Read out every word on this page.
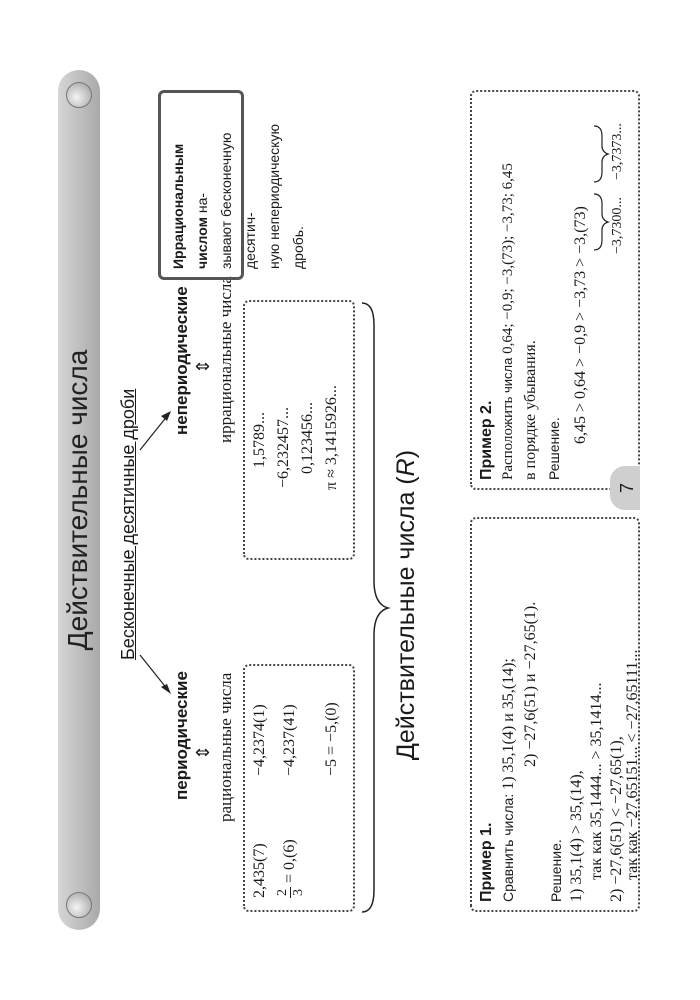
Действительные числа Бесконечные десятичные дроби
периодические ⇕ рациональные числа
непериодические ⇕ иррациональные числа
2,435(7)
−4,2374(1)
2 3
= 0,(6)
−4,237(41) −5 = −5,(0)
1,5789... −6,232457... 0,123456... π ≈ 3,1415926...
Действительные числа (R)
Иррациональным числом на- зывают бесконечную десятич- ную непериодическую дробь.
Пример 1. Сравнить числа: 1) 35,1(4) и 35,(14); 2) −27,6(51) и −27,65(1).
Решение. 1) 35,1(4) > 35,(14), так как 35,1444... > 35,1414... 2) −27,6(51) < −27,65(1), так как −27,65151... < −27,65111...
Пример 2. Расположить числа 0,64; −0,9; −3,(73); −3,73; 6,45
в порядке убывания. Решение.
6,45 > 0,64 > −0,9 > −3,73 > −3,(73) −3,7300...
−3,7373...
7
